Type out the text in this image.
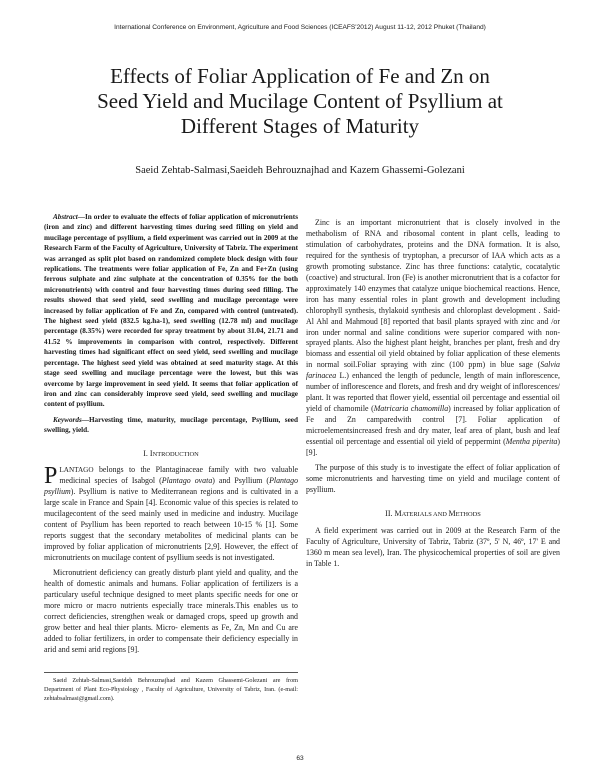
International Conference on Environment, Agriculture and Food Sciences (ICEAFS'2012) August 11-12, 2012 Phuket (Thailand)
Effects of Foliar Application of Fe and Zn on
Seed Yield and Mucilage Content of Psyllium at
Different Stages of Maturity
Saeid Zehtab-Salmasi,Saeideh Behrouznajhad and Kazem Ghassemi-Golezani

Abstract—In order to evaluate the effects of foliar application of micronutrients (iron and zinc) and different harvesting times during seed filling on yield and mucilage percentage of psyllium, a field experiment was carried out in 2009 at the Research Farm of the Faculty of Agriculture, University of Tabriz. The experiment was arranged as split plot based on randomized complete block design with four replications. The treatments were foliar application of Fe, Zn and Fe+Zn (using ferrous sulphate and zinc sulphate at the concentration of 0.35% for the both micronutrients) with control and four harvesting times during seed filling. The results showed that seed yield, seed swelling and mucilage percentage were increased by foliar application of Fe and Zn, compared with control (untreated). The highest seed yield (832.5 kg.ha-1), seed swelling (12.78 ml) and mucilage percentage (8.35%) were recorded for spray treatment by about 31.04, 21.71 and 41.52 % improvements in comparison with control, respectively. Different harvesting times had significant effect on seed yield, seed swelling and mucilage percentage. The highest seed yield was obtained at seed maturity stage. At this stage seed swelling and mucilage percentage were the lowest, but this was overcome by large improvement in seed yield. It seems that foliar application of iron and zinc can considerably improve seed yield, seed swelling and mucilage content of psyllium.

Keywords—Harvesting time, maturity, mucilage percentage, Psyllium, seed swelling, yield.

I. INTRODUCTION

PLANTAGO belongs to the Plantaginaceae family with two valuable medicinal species of Isabgol (Plantago ovata) and Psyllium (Plantago psyllium). Psyllium is native to Mediterranean regions and is cultivated in a large scale in France and Spain [4]. Economic value of this species is related to mucilagecontent of the seed mainly used in medicine and industry. Mucilage content of Psyllium has been reported to reach between 10-15 % [1]. Some reports suggest that the secondary metabolites of medicinal plants can be improved by foliar application of micronutrients [2,9]. However, the effect of micronutrients on mucilage content of psyllium seeds is not investigated.

Micronutrient deficiency can greatly disturb plant yield and quality, and the health of domestic animals and humans. Foliar application of fertilizers is a particulary useful technique designed to meet plants specific needs for one or more micro or macro nutrients especially trace minerals.This enables us to correct deficiencies, strengthen weak or damaged crops, speed up growth and grow better and heal thier plants. Micro- elements as Fe, Zn, Mn and Cu are added to foliar fertilizers, in order to compensate their deficiency especially in arid and semi arid regions [9].

Zinc is an important micronutrient that is closely involved in the methabolism of RNA and ribosomal content in plant cells, leading to stimulation of carbohydrates, proteins and the DNA formation. It is also, required for the synthesis of tryptophan, a precursor of IAA which acts as a growth promoting substance. Zinc has three functions: catalytic, cocatalytic (coactive) and structural. Iron (Fe) is another micronutrient that is a cofactor for approximately 140 enzymes that catalyze unique biochemical reactions. Hence, iron has many essential roles in plant growth and development including chlorophyll synthesis, thylakoid synthesis and chloroplast development . Said-Al Ahl and Mahmoud [8] reported that basil plants sprayed with zinc and /or iron under normal and saline conditions were superior compared with non-sprayed plants. Also the highest plant height, branches per plant, fresh and dry biomass and essential oil yield obtained by foliar application of these elements in normal soil.Foliar spraying with zinc (100 ppm) in blue sage (Salvia farinacea L.) enhanced the length of peduncle, length of main inflorescence, number of inflorescence and florets, and fresh and dry weight of inflorescences/ plant. It was reported that flower yield, essential oil percentage and essential oil yield of chamomile (Matricaria chamomilla) increased by foliar application of Fe and Zn camparedwith control [7]. Foliar application of microelementsincreased fresh and dry mater, leaf area of plant, bush and leaf essential oil percentage and essential oil yield of peppermint (Mentha piperita) [9].

The purpose of this study is to investigate the effect of foliar application of some micronutrients and harvesting time on yield and mucilage content of psyllium.

II. MATERIALS AND METHODS

A field experiment was carried out in 2009 at the Research Farm of the Faculty of Agriculture, University of Tabriz, Tabriz (37º, 5' N, 46º, 17' E and 1360 m mean sea level), Iran. The physicochemical properties of soil are given in Table 1.

Saeid Zehtab-Salmasi,Saeideh Behrouznajhad and Kazem Ghassemi-Golezani are from Department of Plant Eco-Physiology , Faculty of Agriculture, University of Tabriz, Iran. (e-mail: zehtabsalmasi@gmail.com).
63
